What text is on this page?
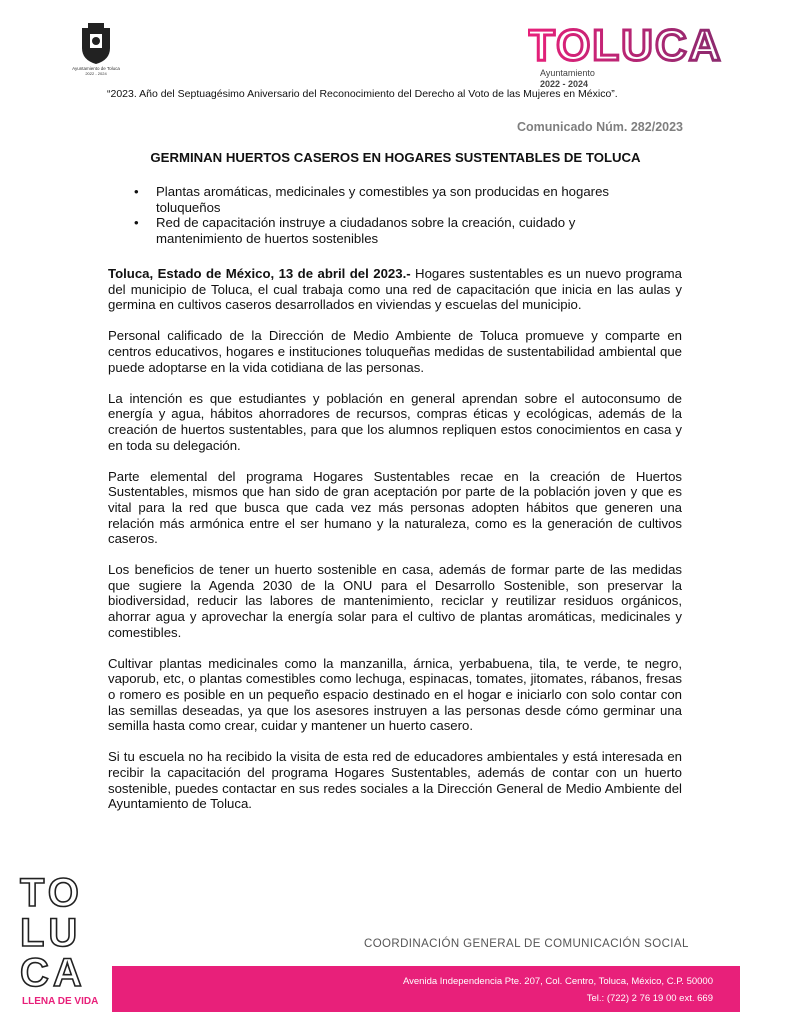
Ayuntamiento de Toluca
2022 - 2024
TOLUCA
Ayuntamiento
2022 - 2024
“2023. Año del Septuagésimo Aniversario del Reconocimiento del Derecho al Voto de las Mujeres en México”.
Comunicado Núm. 282/2023
GERMINAN HUERTOS CASEROS EN HOGARES SUSTENTABLES DE TOLUCA
• Plantas aromáticas, medicinales y comestibles ya son producidas en hogares toluqueños
• Red de capacitación instruye a ciudadanos sobre la creación, cuidado y mantenimiento de huertos sostenibles

Toluca, Estado de México, 13 de abril del 2023.- Hogares sustentables es un nuevo programa del municipio de Toluca, el cual trabaja como una red de capacitación que inicia en las aulas y germina en cultivos caseros desarrollados en viviendas y escuelas del municipio.

Personal calificado de la Dirección de Medio Ambiente de Toluca promueve y comparte en centros educativos, hogares e instituciones toluqueñas medidas de sustentabilidad ambiental que puede adoptarse en la vida cotidiana de las personas.

La intención es que estudiantes y población en general aprendan sobre el autoconsumo de energía y agua, hábitos ahorradores de recursos, compras éticas y ecológicas, además de la creación de huertos sustentables, para que los alumnos repliquen estos conocimientos en casa y en toda su delegación.

Parte elemental del programa Hogares Sustentables recae en la creación de Huertos Sustentables, mismos que han sido de gran aceptación por parte de la población joven y que es vital para la red que busca que cada vez más personas adopten hábitos que generen una relación más armónica entre el ser humano y la naturaleza, como es la generación de cultivos caseros.

Los beneficios de tener un huerto sostenible en casa, además de formar parte de las medidas que sugiere la Agenda 2030 de la ONU para el Desarrollo Sostenible, son preservar la biodiversidad, reducir las labores de mantenimiento, reciclar y reutilizar residuos orgánicos, ahorrar agua y aprovechar la energía solar para el cultivo de plantas aromáticas, medicinales y comestibles.

Cultivar plantas medicinales como la manzanilla, árnica, yerbabuena, tila, te verde, te negro, vaporub, etc, o plantas comestibles como lechuga, espinacas, tomates, jitomates, rábanos, fresas o romero es posible en un pequeño espacio destinado en el hogar e iniciarlo con solo contar con las semillas deseadas, ya que los asesores instruyen a las personas desde cómo germinar una semilla hasta como crear, cuidar y mantener un huerto casero.

Si tu escuela no ha recibido la visita de esta red de educadores ambientales y está interesada en recibir la capacitación del programa Hogares Sustentables, además de contar con un huerto sostenible, puedes contactar en sus redes sociales a la Dirección General de Medio Ambiente del Ayuntamiento de Toluca.

TO
LU
CA
LLENA DE VIDA
COORDINACIÓN GENERAL DE COMUNICACIÓN SOCIAL
Avenida Independencia Pte. 207, Col. Centro, Toluca, México, C.P. 50000
Tel.: (722) 2 76 19 00 ext. 669
